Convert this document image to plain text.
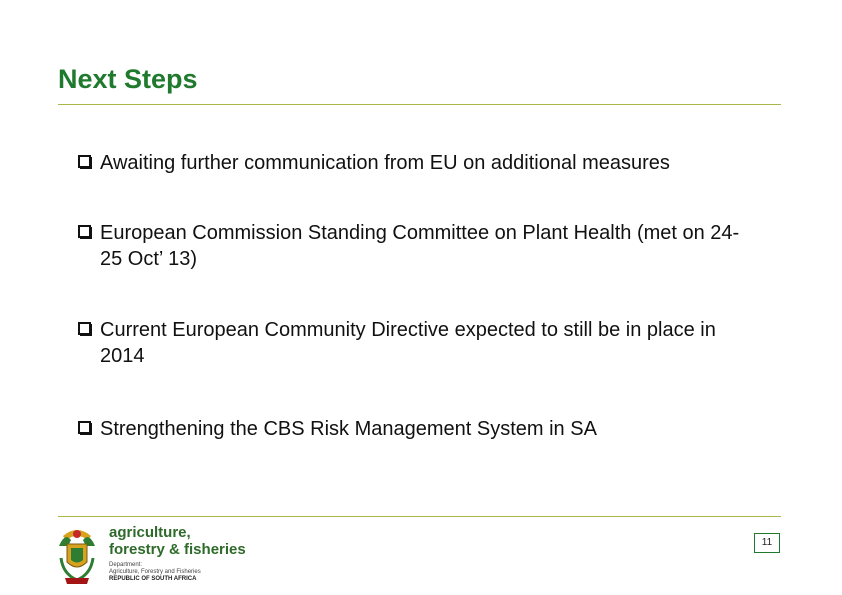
Next Steps
Awaiting further communication from EU on additional measures
European Commission Standing Committee on Plant Health (met on 24-25 Oct’ 13)
Current European Community Directive expected to still be in place in 2014
Strengthening the CBS Risk Management System in SA
agriculture,
forestry & fisheries
Department:
Agriculture, Forestry and Fisheries
REPUBLIC OF SOUTH AFRICA
11
